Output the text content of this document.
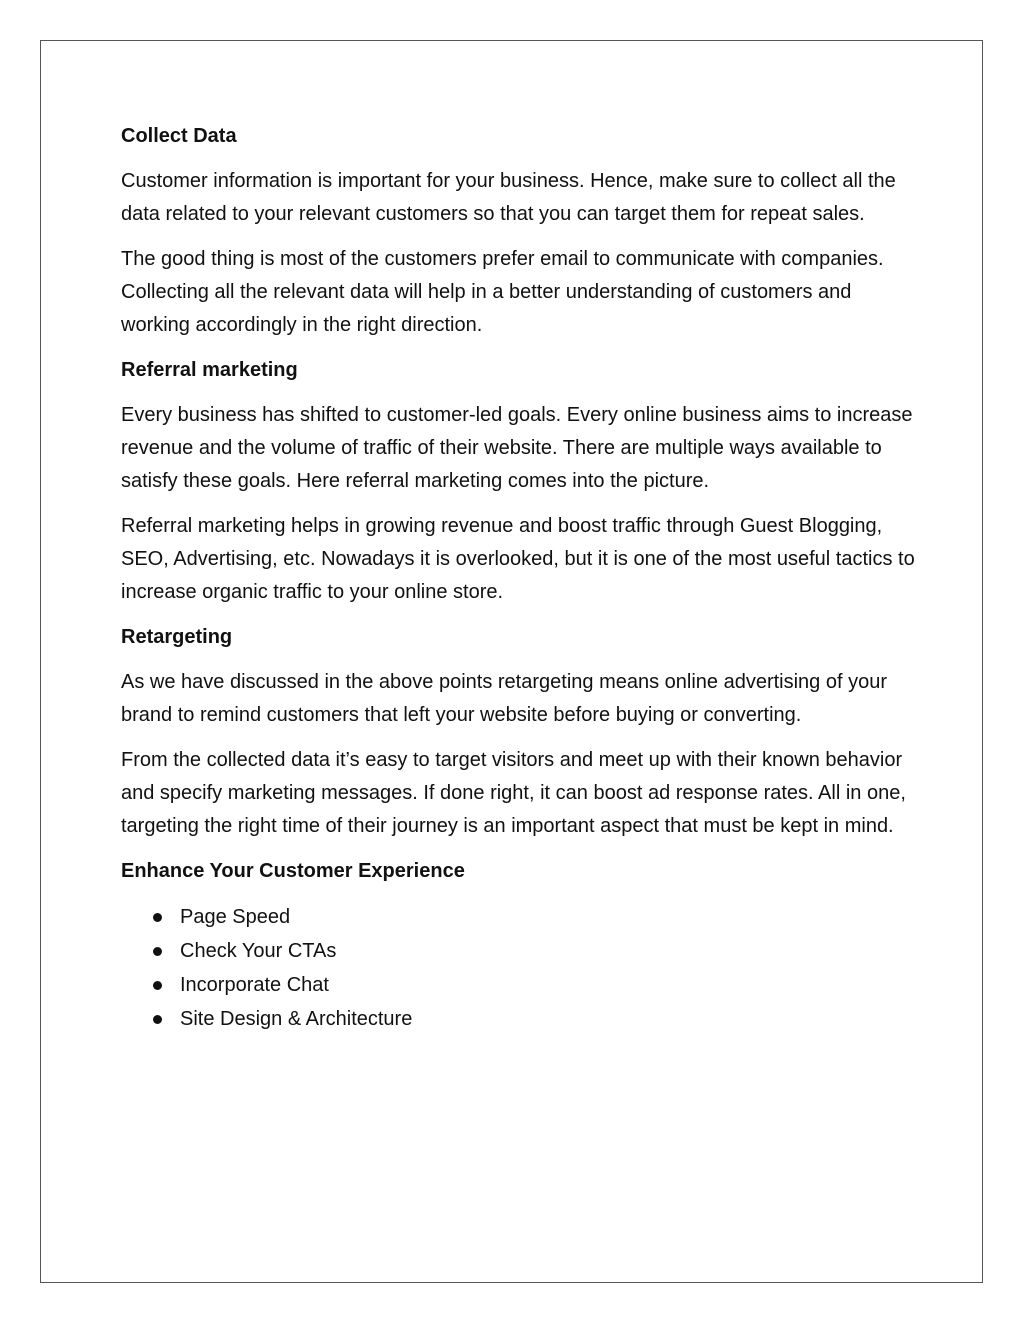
Collect Data

Customer information is important for your business. Hence, make sure to collect all the data related to your relevant customers so that you can target them for repeat sales.

The good thing is most of the customers prefer email to communicate with companies. Collecting all the relevant data will help in a better understanding of customers and working accordingly in the right direction.

Referral marketing

Every business has shifted to customer-led goals. Every online business aims to increase revenue and the volume of traffic of their website. There are multiple ways available to satisfy these goals. Here referral marketing comes into the picture.

Referral marketing helps in growing revenue and boost traffic through Guest Blogging, SEO, Advertising, etc. Nowadays it is overlooked, but it is one of the most useful tactics to increase organic traffic to your online store.

Retargeting

As we have discussed in the above points retargeting means online advertising of your brand to remind customers that left your website before buying or converting.

From the collected data it’s easy to target visitors and meet up with their known behavior and specify marketing messages. If done right, it can boost ad response rates. All in one, targeting the right time of their journey is an important aspect that must be kept in mind.

Enhance Your Customer Experience
Page Speed
Check Your CTAs
Incorporate Chat
Site Design & Architecture
